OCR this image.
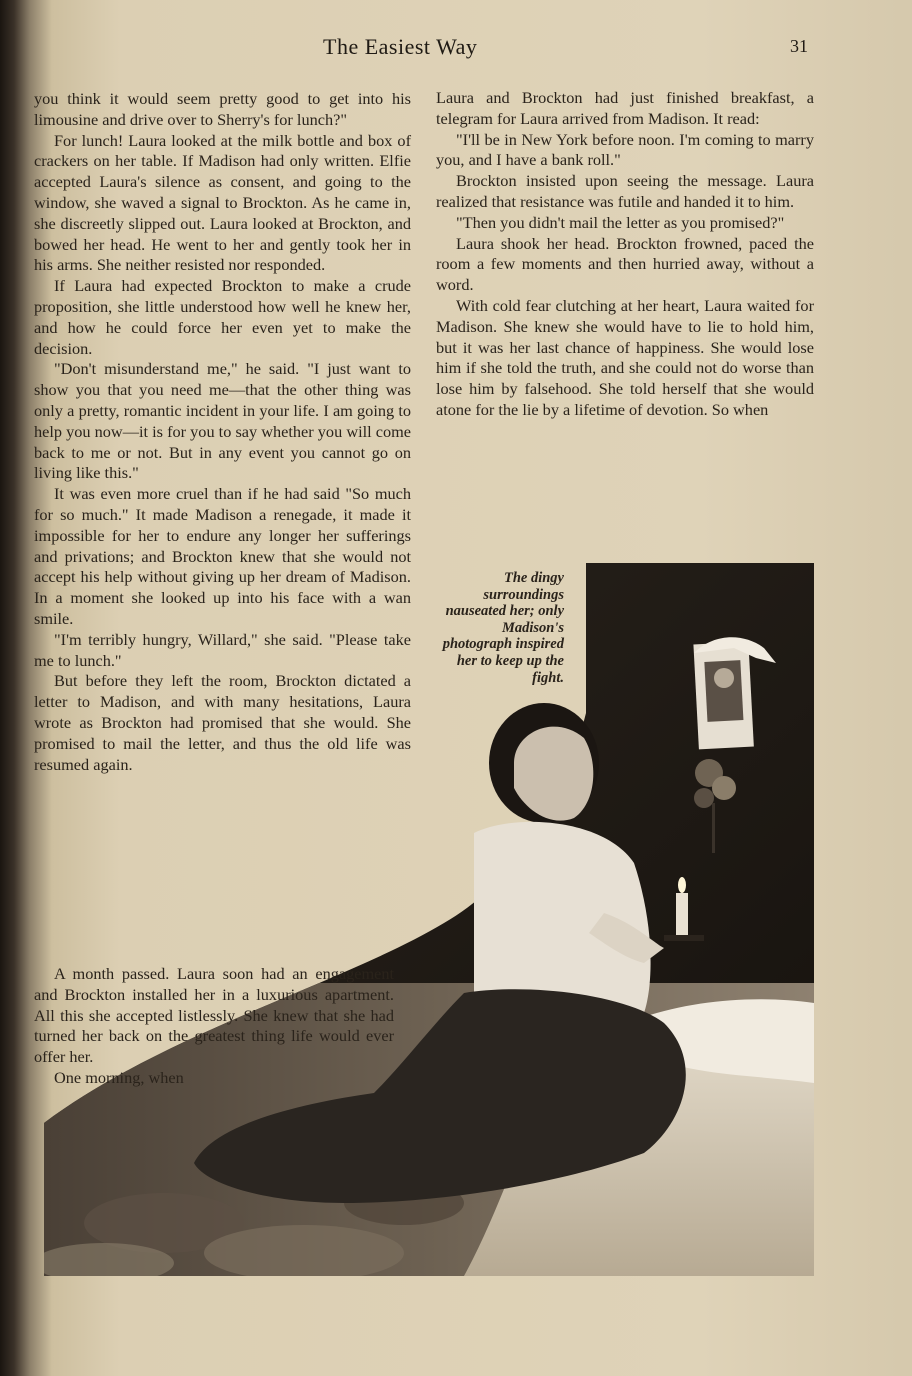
The Easiest Way	31

you think it would seem pretty good to get into his limousine and drive over to Sherry's for lunch?"

For lunch! Laura looked at the milk bottle and box of crackers on her table. If Madison had only written. Elfie accepted Laura's silence as consent, and going to the window, she waved a signal to Brockton. As he came in, she discreetly slipped out. Laura looked at Brockton, and bowed her head. He went to her and gently took her in his arms. She neither resisted nor responded.

If Laura had expected Brockton to make a crude proposition, she little understood how well he knew her, and how he could force her even yet to make the decision.

"Don't misunderstand me," he said. "I just want to show you that you need me—that the other thing was only a pretty, romantic incident in your life. I am going to help you now—it is for you to say whether you will come back to me or not. But in any event you cannot go on living like this."

It was even more cruel than if he had said "So much for so much." It made Madison a renegade, it made it impossible for her to endure any longer her sufferings and privations; and Brockton knew that she would not accept his help without giving up her dream of Madison. In a moment she looked up into his face with a wan smile.

"I'm terribly hungry, Willard," she said. "Please take me to lunch."

But before they left the room, Brockton dictated a letter to Madison, and with many hesitations, Laura wrote as Brockton had promised that she would. She promised to mail the letter, and thus the old life was resumed again.

Laura and Brockton had just finished breakfast, a telegram for Laura arrived from Madison. It read:

"I'll be in New York before noon. I'm coming to marry you, and I have a bank roll."

Brockton insisted upon seeing the message. Laura realized that resistance was futile and handed it to him.

"Then you didn't mail the letter as you promised?"

Laura shook her head. Brockton frowned, paced the room a few moments and then hurried away, without a word.

With cold fear clutching at her heart, Laura waited for Madison. She knew she would have to lie to hold him, but it was her last chance of happiness. She would lose him if she told the truth, and she could not do worse than lose him by falsehood. She told herself that she would atone for the lie by a lifetime of devotion. So when

The dingy surroundings nauseated her; only Madison's photograph inspired her to keep up the fight.

A month passed. Laura soon had an engagement and Brockton installed her in a luxurious apartment. All this she accepted listlessly. She knew that she had turned her back on the greatest thing life would ever offer her.

One morning, when
